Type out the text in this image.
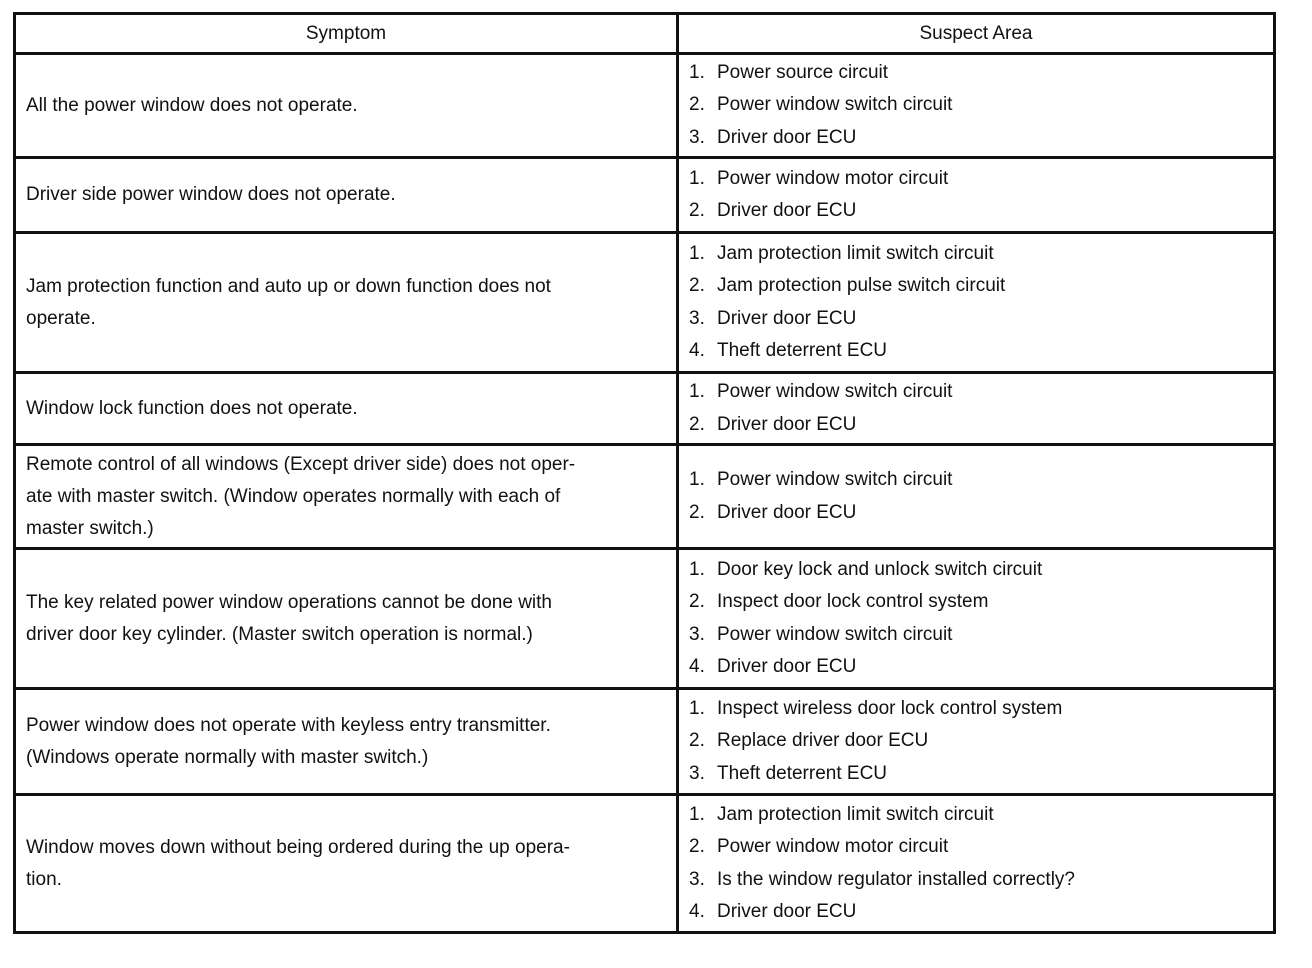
Symptom	Suspect Area

All the power window does not operate.	1. Power source circuit
2. Power window switch circuit
3. Driver door ECU

Driver side power window does not operate.	1. Power window motor circuit
2. Driver door ECU

Jam protection function and auto up or down function does not
operate.	1. Jam protection limit switch circuit
2. Jam protection pulse switch circuit
3. Driver door ECU
4. Theft deterrent ECU

Window lock function does not operate.	1. Power window switch circuit
2. Driver door ECU

Remote control of all windows (Except driver side) does not oper-
ate with master switch. (Window operates normally with each of
master switch.)	1. Power window switch circuit
2. Driver door ECU

The key related power window operations cannot be done with
driver door key cylinder. (Master switch operation is normal.)	1. Door key lock and unlock switch circuit
2. Inspect door lock control system
3. Power window switch circuit
4. Driver door ECU

Power window does not operate with keyless entry transmitter.
(Windows operate normally with master switch.)	1. Inspect wireless door lock control system
2. Replace driver door ECU
3. Theft deterrent ECU

Window moves down without being ordered during the up opera-
tion.	1. Jam protection limit switch circuit
2. Power window motor circuit
3. Is the window regulator installed correctly?
4. Driver door ECU
